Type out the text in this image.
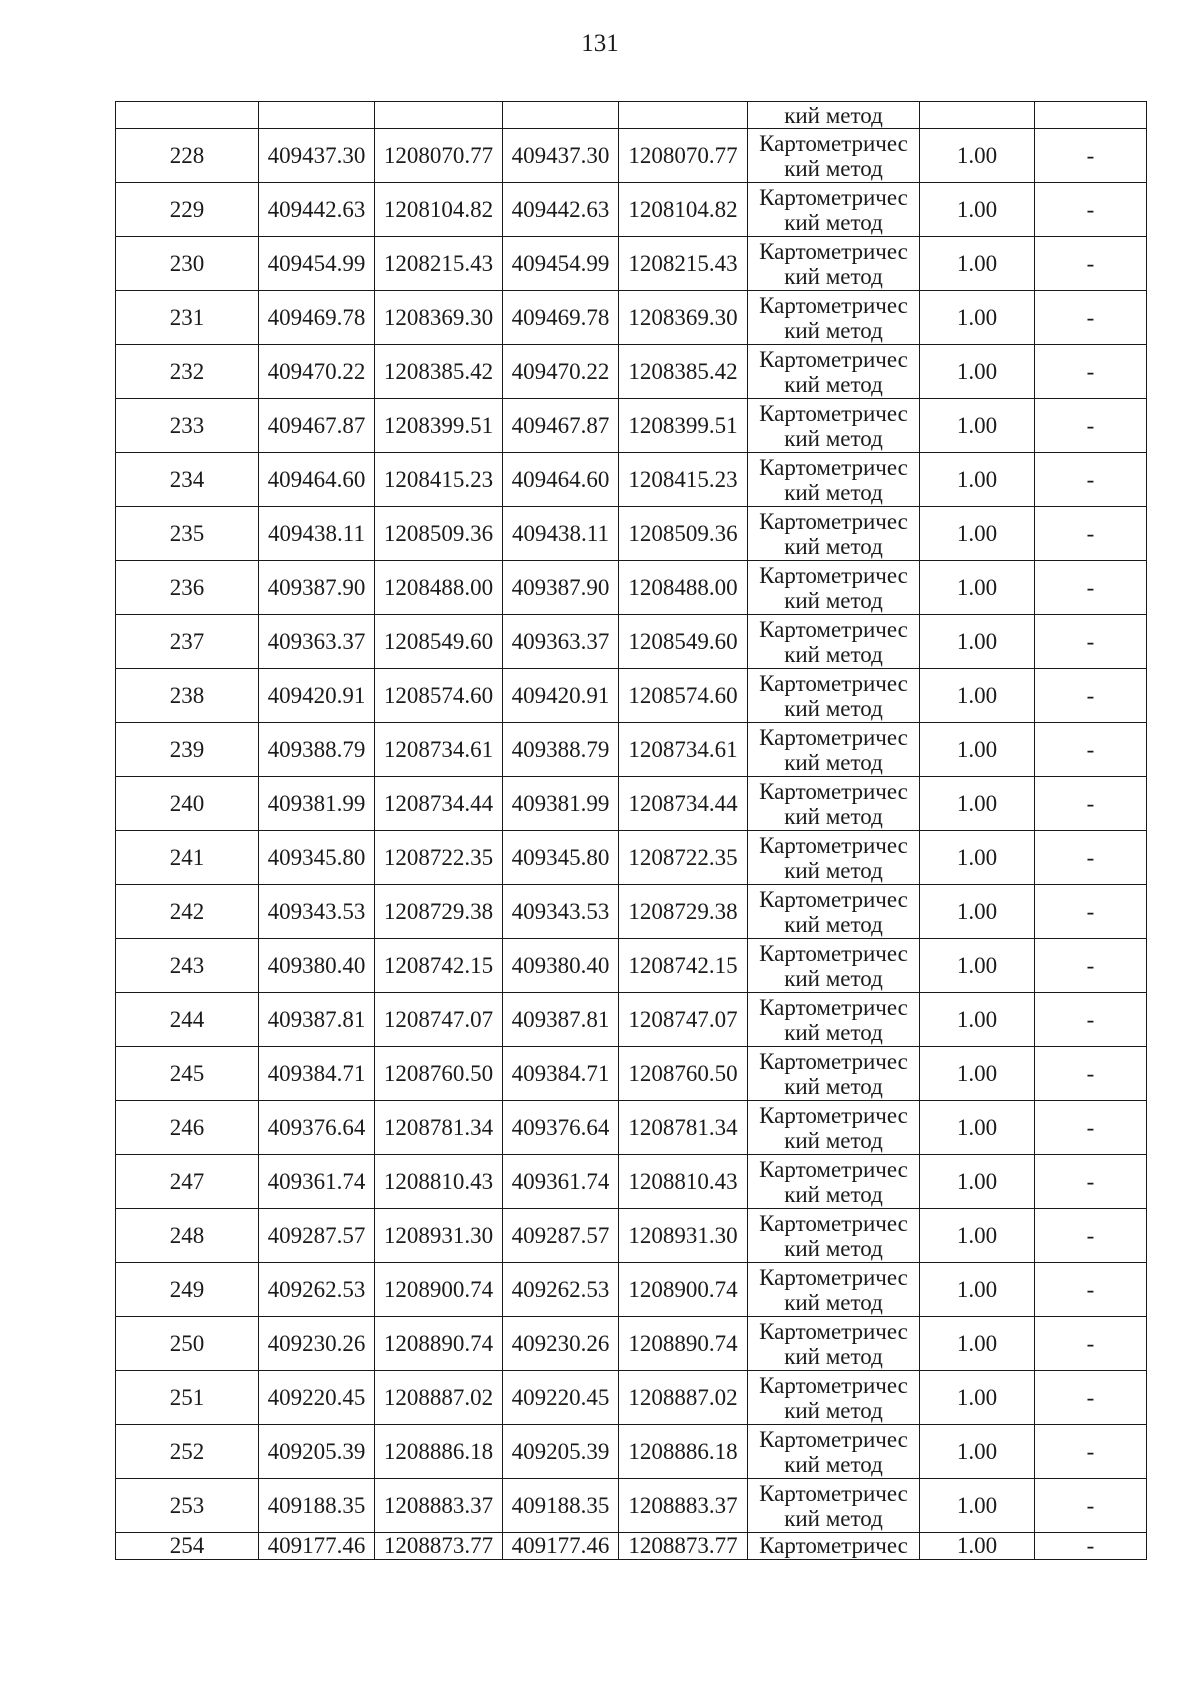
131

					кий метод		

228	409437.30	1208070.77	409437.30	1208070.77	Картометричес
кий метод	1.00	-
229	409442.63	1208104.82	409442.63	1208104.82	Картометричес
кий метод	1.00	-
230	409454.99	1208215.43	409454.99	1208215.43	Картометричес
кий метод	1.00	-
231	409469.78	1208369.30	409469.78	1208369.30	Картометричес
кий метод	1.00	-
232	409470.22	1208385.42	409470.22	1208385.42	Картометричес
кий метод	1.00	-
233	409467.87	1208399.51	409467.87	1208399.51	Картометричес
кий метод	1.00	-
234	409464.60	1208415.23	409464.60	1208415.23	Картометричес
кий метод	1.00	-
235	409438.11	1208509.36	409438.11	1208509.36	Картометричес
кий метод	1.00	-
236	409387.90	1208488.00	409387.90	1208488.00	Картометричес
кий метод	1.00	-
237	409363.37	1208549.60	409363.37	1208549.60	Картометричес
кий метод	1.00	-
238	409420.91	1208574.60	409420.91	1208574.60	Картометричес
кий метод	1.00	-
239	409388.79	1208734.61	409388.79	1208734.61	Картометричес
кий метод	1.00	-
240	409381.99	1208734.44	409381.99	1208734.44	Картометричес
кий метод	1.00	-
241	409345.80	1208722.35	409345.80	1208722.35	Картометричес
кий метод	1.00	-
242	409343.53	1208729.38	409343.53	1208729.38	Картометричес
кий метод	1.00	-
243	409380.40	1208742.15	409380.40	1208742.15	Картометричес
кий метод	1.00	-
244	409387.81	1208747.07	409387.81	1208747.07	Картометричес
кий метод	1.00	-
245	409384.71	1208760.50	409384.71	1208760.50	Картометричес
кий метод	1.00	-
246	409376.64	1208781.34	409376.64	1208781.34	Картометричес
кий метод	1.00	-
247	409361.74	1208810.43	409361.74	1208810.43	Картометричес
кий метод	1.00	-
248	409287.57	1208931.30	409287.57	1208931.30	Картометричес
кий метод	1.00	-
249	409262.53	1208900.74	409262.53	1208900.74	Картометричес
кий метод	1.00	-
250	409230.26	1208890.74	409230.26	1208890.74	Картометричес
кий метод	1.00	-
251	409220.45	1208887.02	409220.45	1208887.02	Картометричес
кий метод	1.00	-
252	409205.39	1208886.18	409205.39	1208886.18	Картометричес
кий метод	1.00	-
253	409188.35	1208883.37	409188.35	1208883.37	Картометричес
кий метод	1.00	-
254	409177.46	1208873.77	409177.46	1208873.77	Картометричес	1.00	-
